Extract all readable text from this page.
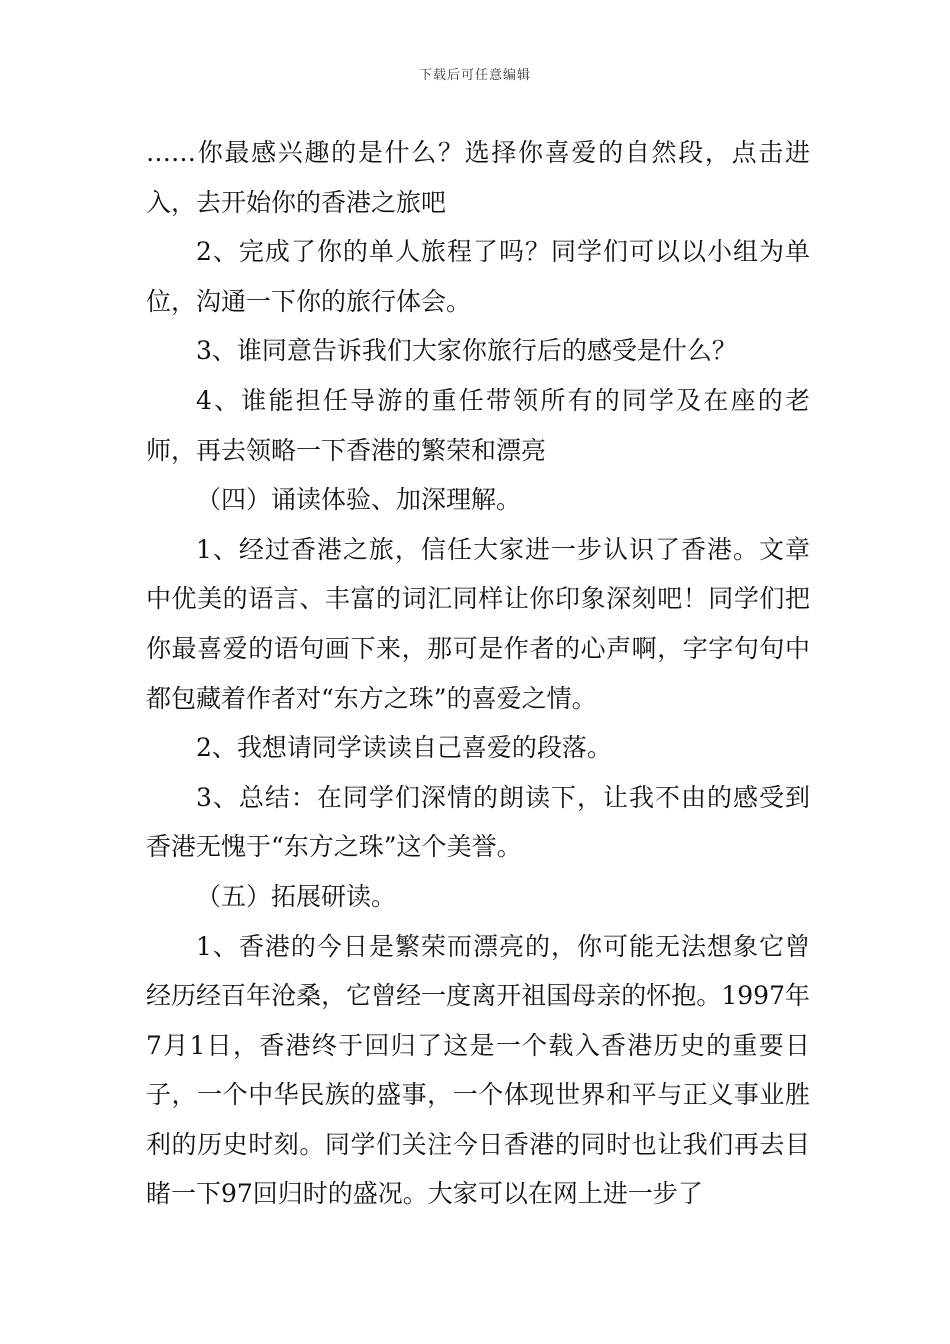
下载后可任意编辑

……你最感兴趣的是什么？选择你喜爱的自然段，点击进入，去开始你的香港之旅吧

2、完成了你的单人旅程了吗？同学们可以以小组为单位，沟通一下你的旅行体会。

3、谁同意告诉我们大家你旅行后的感受是什么？

4、谁能担任导游的重任带领所有的同学及在座的老师，再去领略一下香港的繁荣和漂亮

（四）诵读体验、加深理解。

1、经过香港之旅，信任大家进一步认识了香港。文章中优美的语言、丰富的词汇同样让你印象深刻吧！同学们把你最喜爱的语句画下来，那可是作者的心声啊，字字句句中都包藏着作者对“东方之珠”的喜爱之情。

2、我想请同学读读自己喜爱的段落。

3、总结：在同学们深情的朗读下，让我不由的感受到香港无愧于“东方之珠”这个美誉。

（五）拓展研读。

1、香港的今日是繁荣而漂亮的，你可能无法想象它曾经历经百年沧桑，它曾经一度离开祖国母亲的怀抱。1997年7月1日，香港终于回归了这是一个载入香港历史的重要日子，一个中华民族的盛事，一个体现世界和平与正义事业胜利的历史时刻。同学们关注今日香港的同时也让我们再去目睹一下97回归时的盛况。大家可以在网上进一步了
